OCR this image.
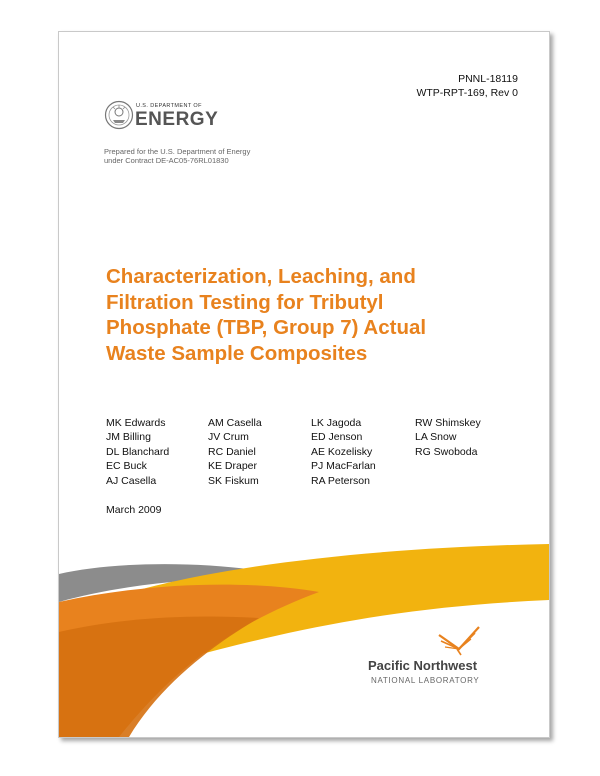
PNNL-18119
WTP-RPT-169, Rev 0
U.S. DEPARTMENT OF
ENERGY
Prepared for the U.S. Department of Energy
under Contract DE-AC05-76RL01830
Characterization, Leaching, and
Filtration Testing for Tributyl
Phosphate (TBP, Group 7) Actual
Waste Sample Composites
MK Edwards
JM Billing
DL Blanchard
EC Buck
AJ Casella
AM Casella
JV Crum
RC Daniel
KE Draper
SK Fiskum
LK Jagoda
ED Jenson
AE Kozelisky
PJ MacFarlan
RA Peterson
RW Shimskey
LA Snow
RG Swoboda
March 2009
Pacific Northwest
NATIONAL LABORATORY
